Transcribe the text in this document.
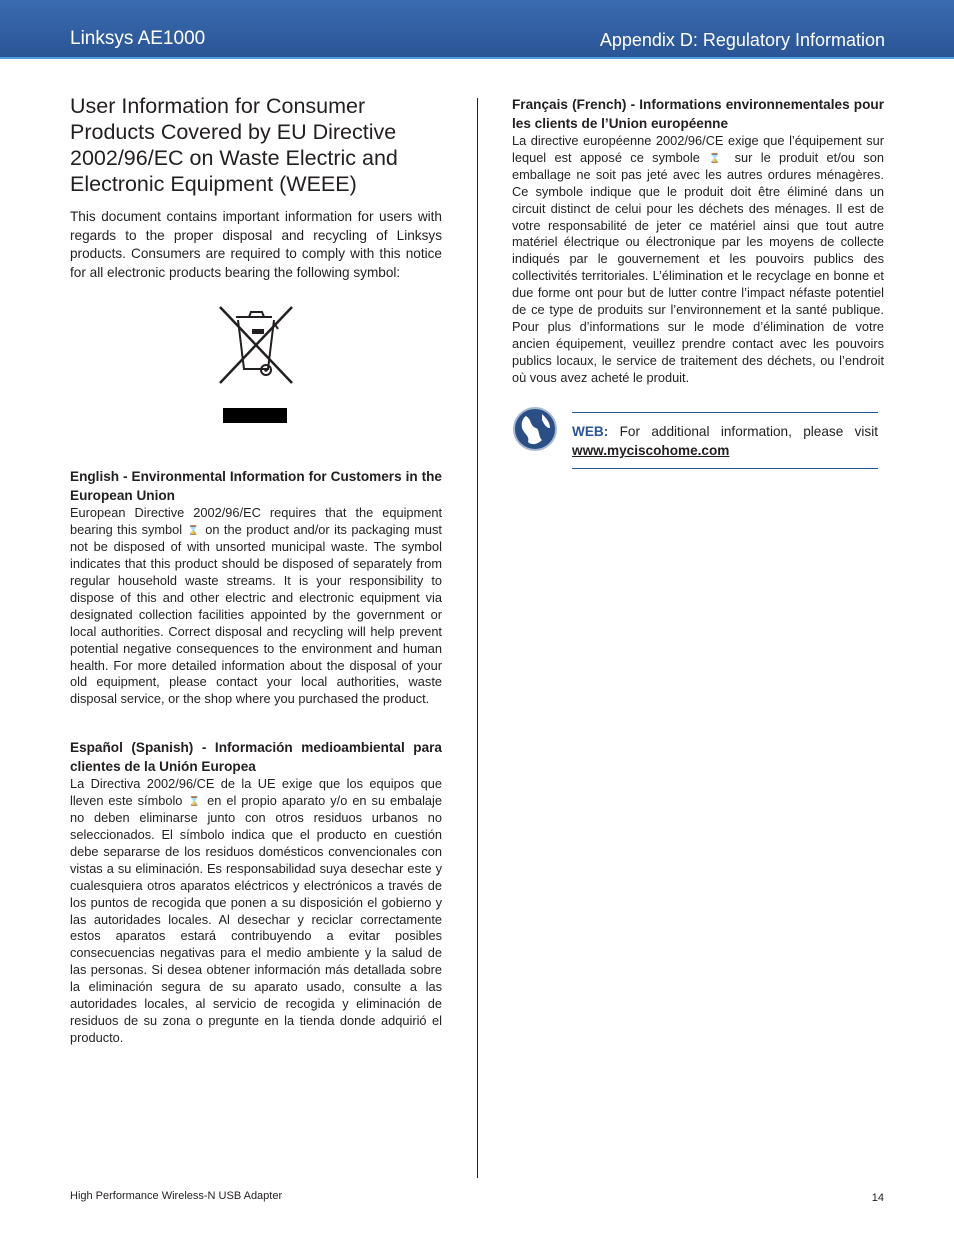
Linksys AE1000	Appendix D: Regulatory Information
User Information for Consumer Products Covered by EU Directive 2002/96/EC on Waste Electric and Electronic Equipment (WEEE)

This document contains important information for users with regards to the proper disposal and recycling of Linksys products. Consumers are required to comply with this notice for all electronic products bearing the following symbol:

English - Environmental Information for Customers in the European Union

European Directive 2002/96/EC requires that the equipment bearing this symbol ⌛ on the product and/or its packaging must not be disposed of with unsorted municipal waste. The symbol indicates that this product should be disposed of separately from regular household waste streams. It is your responsibility to dispose of this and other electric and electronic equipment via designated collection facilities appointed by the government or local authorities. Correct disposal and recycling will help prevent potential negative consequences to the environment and human health. For more detailed information about the disposal of your old equipment, please contact your local authorities, waste disposal service, or the shop where you purchased the product.

Español (Spanish) - Información medioambiental para clientes de la Unión Europea

La Directiva 2002/96/CE de la UE exige que los equipos que lleven este símbolo ⌛ en el propio aparato y/o en su embalaje no deben eliminarse junto con otros residuos urbanos no seleccionados. El símbolo indica que el producto en cuestión debe separarse de los residuos domésticos convencionales con vistas a su eliminación. Es responsabilidad suya desechar este y cualesquiera otros aparatos eléctricos y electrónicos a través de los puntos de recogida que ponen a su disposición el gobierno y las autoridades locales. Al desechar y reciclar correctamente estos aparatos estará contribuyendo a evitar posibles consecuencias negativas para el medio ambiente y la salud de las personas. Si desea obtener información más detallada sobre la eliminación segura de su aparato usado, consulte a las autoridades locales, al servicio de recogida y eliminación de residuos de su zona o pregunte en la tienda donde adquirió el producto.

Français (French) - Informations environnementales pour les clients de l’Union européenne

La directive européenne 2002/96/CE exige que l’équipement sur lequel est apposé ce symbole ⌛ sur le produit et/ou son emballage ne soit pas jeté avec les autres ordures ménagères. Ce symbole indique que le produit doit être éliminé dans un circuit distinct de celui pour les déchets des ménages. Il est de votre responsabilité de jeter ce matériel ainsi que tout autre matériel électrique ou électronique par les moyens de collecte indiqués par le gouvernement et les pouvoirs publics des collectivités territoriales. L’élimination et le recyclage en bonne et due forme ont pour but de lutter contre l’impact néfaste potentiel de ce type de produits sur l’environnement et la santé publique. Pour plus d’informations sur le mode d’élimination de votre ancien équipement, veuillez prendre contact avec les pouvoirs publics locaux, le service de traitement des déchets, ou l’endroit où vous avez acheté le produit.

WEB: For additional information, please visit www.myciscohome.com
High Performance Wireless-N USB Adapter	14
